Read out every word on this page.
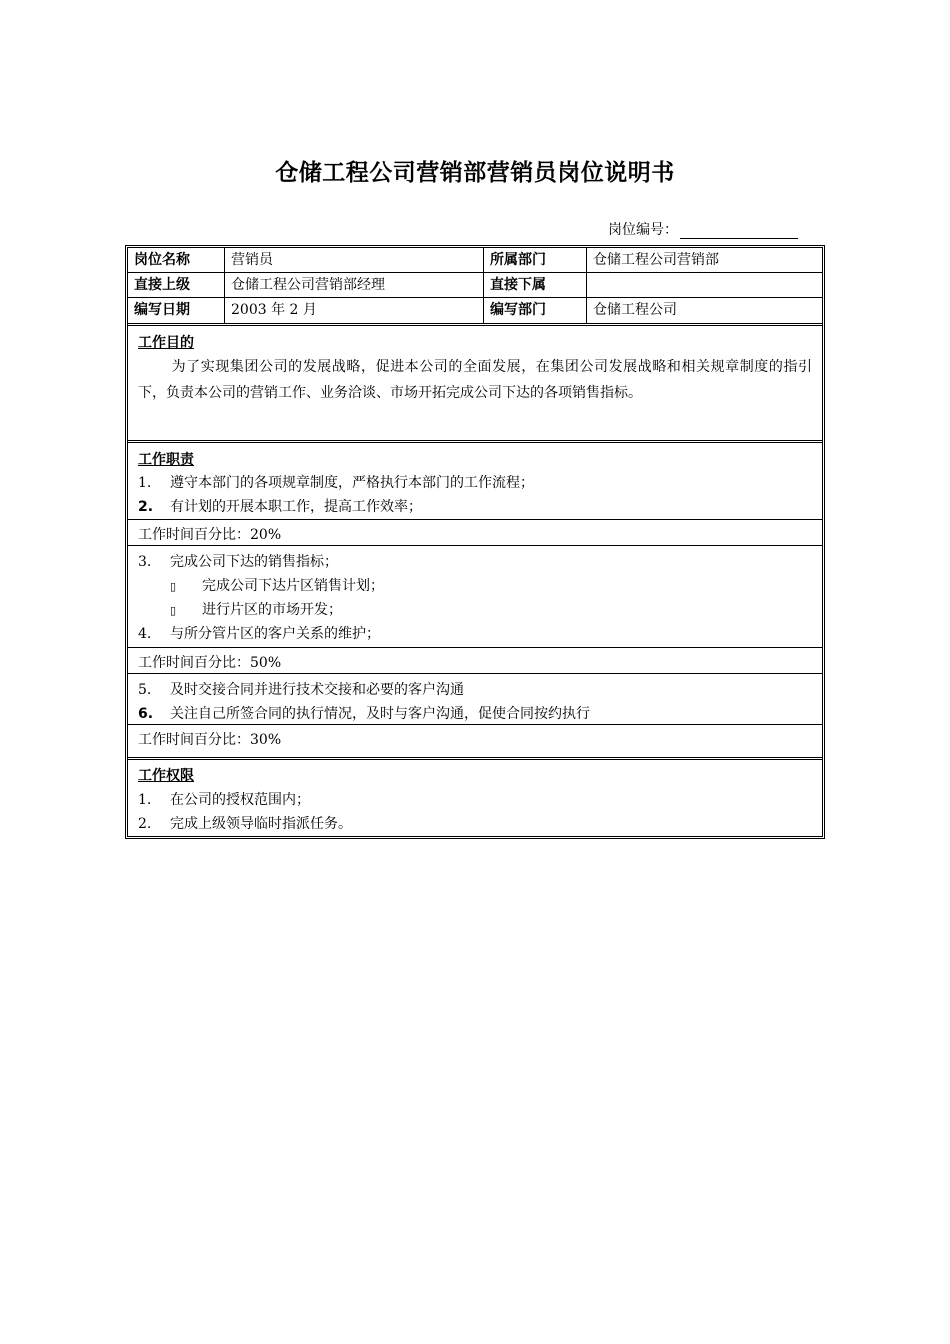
仓储工程公司营销部营销员岗位说明书
岗位编号：
岗位名称	营销员	所属部门	仓储工程公司营销部
直接上级	仓储工程公司营销部经理	直接下属
编写日期	2003 年 2 月	编写部门	仓储工程公司
工作目的
为了实现集团公司的发展战略，促进本公司的全面发展，在集团公司发展战略和相关规章制度的指引下，负责本公司的营销工作、业务洽谈、市场开拓完成公司下达的各项销售指标。
工作职责
1. 遵守本部门的各项规章制度，严格执行本部门的工作流程；
2. 有计划的开展本职工作，提高工作效率；
工作时间百分比：20%
3. 完成公司下达的销售指标；
▯ 完成公司下达片区销售计划；
▯ 进行片区的市场开发；
4. 与所分管片区的客户关系的维护；
工作时间百分比：50%
5. 及时交接合同并进行技术交接和必要的客户沟通
6. 关注自己所签合同的执行情况，及时与客户沟通，促使合同按约执行
工作时间百分比：30%
工作权限
1. 在公司的授权范围内；
2. 完成上级领导临时指派任务。
